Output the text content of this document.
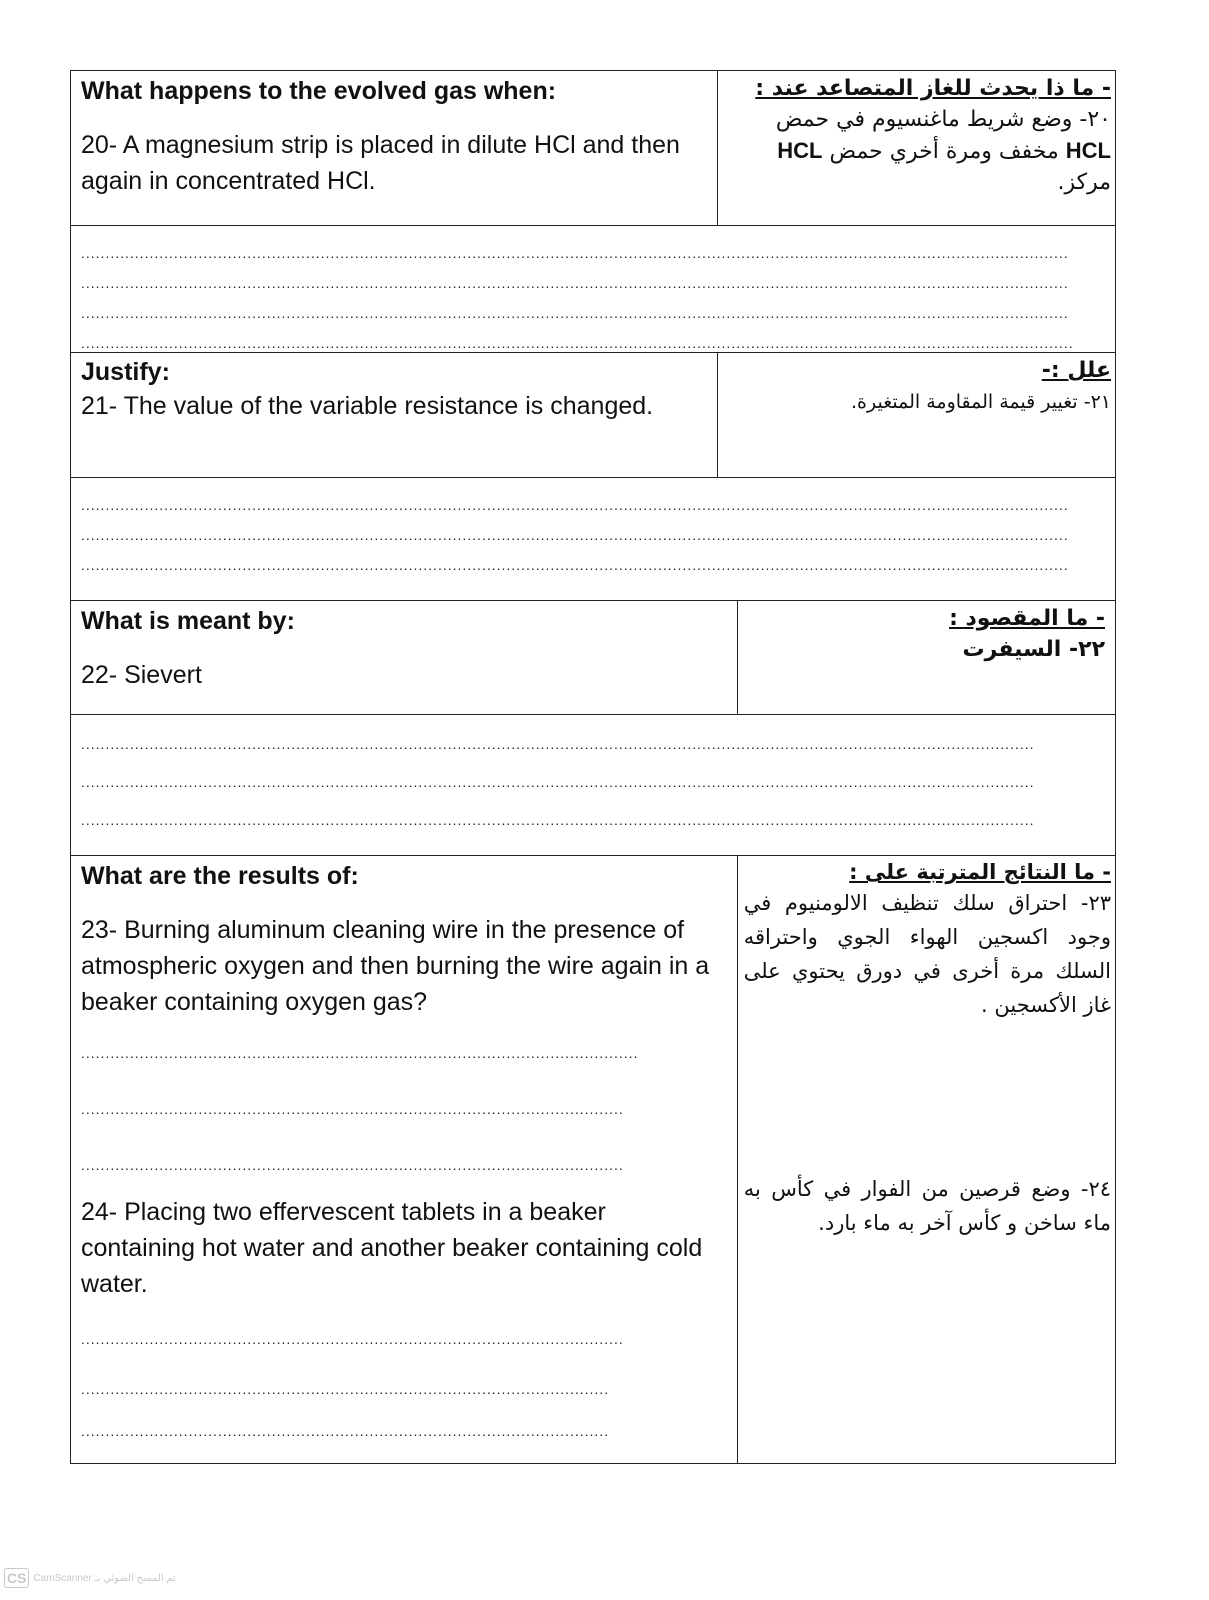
What happens to the evolved gas when:
20- A magnesium strip is placed in dilute HCl and then again in concentrated HCl.
- ما ذا يحدث للغاز المتصاعد عند :
٢٠- وضع شريط ماغنسيوم في حمض HCL مخفف ومرة أخري حمض HCL مركز.
..........................................................................................................................................................................................................
..........................................................................................................................................................................................................
..........................................................................................................................................................................................................
...........................................................................................................................................................................................................
Justify:
21- The value of the variable resistance is changed.
علل :-
٢١- تغيير قيمة المقاومة المتغيرة.
..........................................................................................................................................................................................................
..........................................................................................................................................................................................................
..........................................................................................................................................................................................................
What is meant by:
22- Sievert
- ما المقصود :
٢٢- السيفرت
...................................................................................................................................................................................................
...................................................................................................................................................................................................
...................................................................................................................................................................................................
What are the results of:
23- Burning aluminum cleaning wire in the presence of atmospheric oxygen and then burning the wire again in a beaker containing oxygen gas?
..................................................................................................................
...............................................................................................................
...............................................................................................................
24- Placing two effervescent tablets in a beaker containing hot water and another beaker containing cold water.
...............................................................................................................
............................................................................................................
............................................................................................................
- ما النتائج المترتبة على :
٢٣- احتراق سلك تنظيف الالومنيوم في وجود اكسجين الهواء الجوي واحتراقه السلك مرة أخرى في دورق يحتوي على غاز الأكسجين .
٢٤- وضع قرصين من الفوار في كأس به ماء ساخن و كأس آخر به ماء بارد.
CS CamScanner تم المسح الضوئي بـ
